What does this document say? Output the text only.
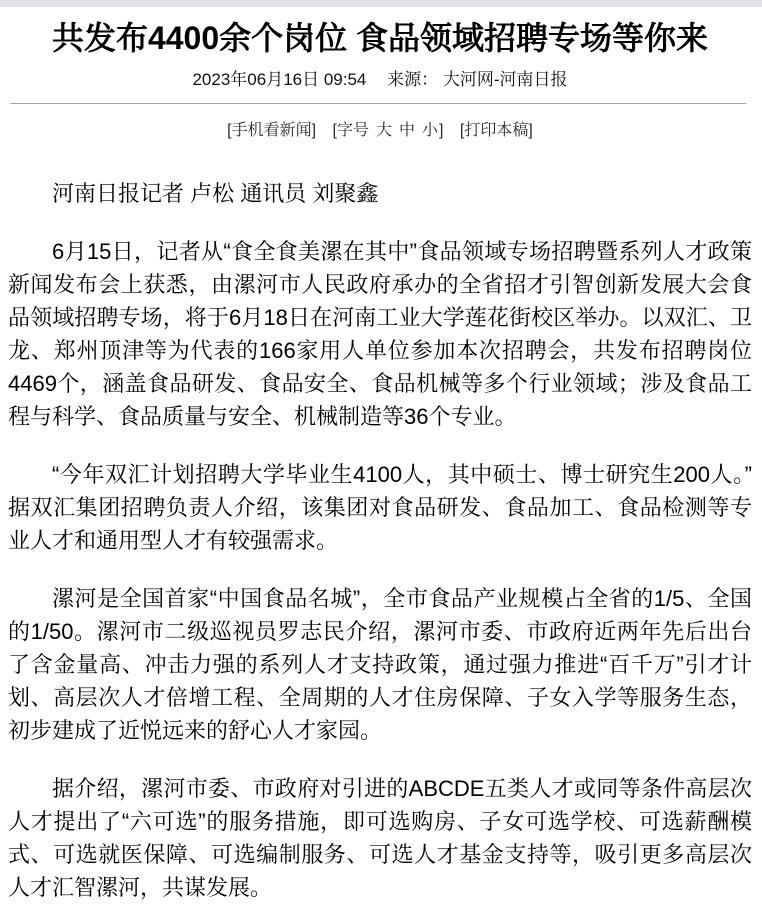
共发布4400余个岗位 食品领域招聘专场等你来
2023年06月16日 09:54 来源： 大河网-河南日报
[手机看新闻] [字号 大 中 小] [打印本稿]

河南日报记者 卢松 通讯员 刘聚鑫

6月15日，记者从“食全食美漯在其中”食品领域专场招聘暨系列人才政策新闻发布会上获悉，由漯河市人民政府承办的全省招才引智创新发展大会食品领域招聘专场，将于6月18日在河南工业大学莲花街校区举办。以双汇、卫龙、郑州顶津等为代表的166家用人单位参加本次招聘会，共发布招聘岗位4469个，涵盖食品研发、食品安全、食品机械等多个行业领域；涉及食品工程与科学、食品质量与安全、机械制造等36个专业。

“今年双汇计划招聘大学毕业生4100人，其中硕士、博士研究生200人。” 据双汇集团招聘负责人介绍，该集团对食品研发、食品加工、食品检测等专业人才和通用型人才有较强需求。

漯河是全国首家“中国食品名城”，全市食品产业规模占全省的1/5、全国的1/50。漯河市二级巡视员罗志民介绍，漯河市委、市政府近两年先后出台了含金量高、冲击力强的系列人才支持政策，通过强力推进“百千万”引才计划、高层次人才倍增工程、全周期的人才住房保障、子女入学等服务生态，初步建成了近悦远来的舒心人才家园。

据介绍，漯河市委、市政府对引进的ABCDE五类人才或同等条件高层次人才提出了“六可选”的服务措施，即可选购房、子女可选学校、可选薪酬模式、可选就医保障、可选编制服务、可选人才基金支持等，吸引更多高层次人才汇智漯河，共谋发展。
